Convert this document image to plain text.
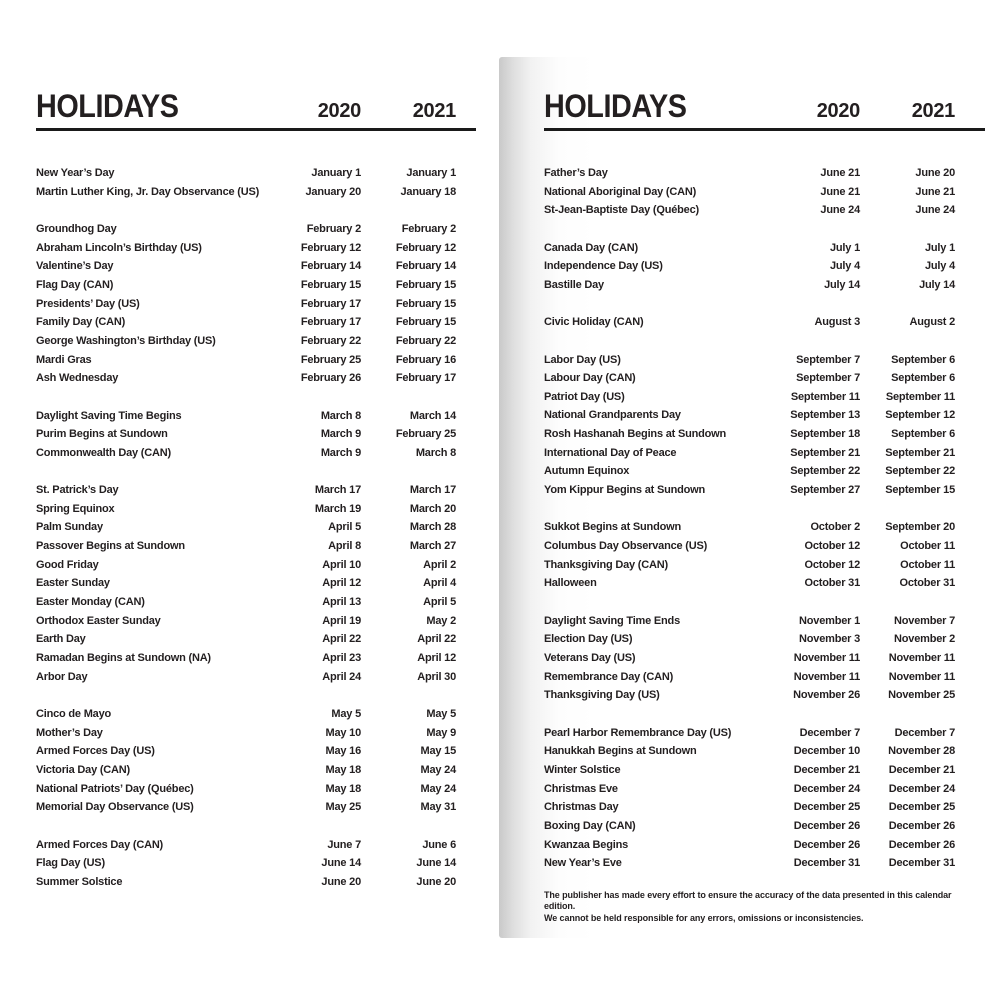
HOLIDAYS	2020	2021
New Year’s Day	January 1	January 1
Martin Luther King, Jr. Day Observance (US)	January 20	January 18
Groundhog Day	February 2	February 2
Abraham Lincoln’s Birthday (US)	February 12	February 12
Valentine’s Day	February 14	February 14
Flag Day (CAN)	February 15	February 15
Presidents’ Day (US)	February 17	February 15
Family Day (CAN)	February 17	February 15
George Washington’s Birthday (US)	February 22	February 22
Mardi Gras	February 25	February 16
Ash Wednesday	February 26	February 17
Daylight Saving Time Begins	March 8	March 14
Purim Begins at Sundown	March 9	February 25
Commonwealth Day (CAN)	March 9	March 8
St. Patrick’s Day	March 17	March 17
Spring Equinox	March 19	March 20
Palm Sunday	April 5	March 28
Passover Begins at Sundown	April 8	March 27
Good Friday	April 10	April 2
Easter Sunday	April 12	April 4
Easter Monday (CAN)	April 13	April 5
Orthodox Easter Sunday	April 19	May 2
Earth Day	April 22	April 22
Ramadan Begins at Sundown (NA)	April 23	April 12
Arbor Day	April 24	April 30
Cinco de Mayo	May 5	May 5
Mother’s Day	May 10	May 9
Armed Forces Day (US)	May 16	May 15
Victoria Day (CAN)	May 18	May 24
National Patriots’ Day (Québec)	May 18	May 24
Memorial Day Observance (US)	May 25	May 31
Armed Forces Day (CAN)	June 7	June 6
Flag Day (US)	June 14	June 14
Summer Solstice	June 20	June 20
HOLIDAYS	2020	2021
Father’s Day	June 21	June 20
National Aboriginal Day (CAN)	June 21	June 21
St-Jean-Baptiste Day (Québec)	June 24	June 24
Canada Day (CAN)	July 1	July 1
Independence Day (US)	July 4	July 4
Bastille Day	July 14	July 14
Civic Holiday (CAN)	August 3	August 2
Labor Day (US)	September 7	September 6
Labour Day (CAN)	September 7	September 6
Patriot Day (US)	September 11	September 11
National Grandparents Day	September 13	September 12
Rosh Hashanah Begins at Sundown	September 18	September 6
International Day of Peace	September 21	September 21
Autumn Equinox	September 22	September 22
Yom Kippur Begins at Sundown	September 27	September 15
Sukkot Begins at Sundown	October 2	September 20
Columbus Day Observance (US)	October 12	October 11
Thanksgiving Day (CAN)	October 12	October 11
Halloween	October 31	October 31
Daylight Saving Time Ends	November 1	November 7
Election Day (US)	November 3	November 2
Veterans Day (US)	November 11	November 11
Remembrance Day (CAN)	November 11	November 11
Thanksgiving Day (US)	November 26	November 25
Pearl Harbor Remembrance Day (US)	December 7	December 7
Hanukkah Begins at Sundown	December 10	November 28
Winter Solstice	December 21	December 21
Christmas Eve	December 24	December 24
Christmas Day	December 25	December 25
Boxing Day (CAN)	December 26	December 26
Kwanzaa Begins	December 26	December 26
New Year’s Eve	December 31	December 31
The publisher has made every effort to ensure the accuracy of the data presented in this calendar edition.
We cannot be held responsible for any errors, omissions or inconsistencies.
